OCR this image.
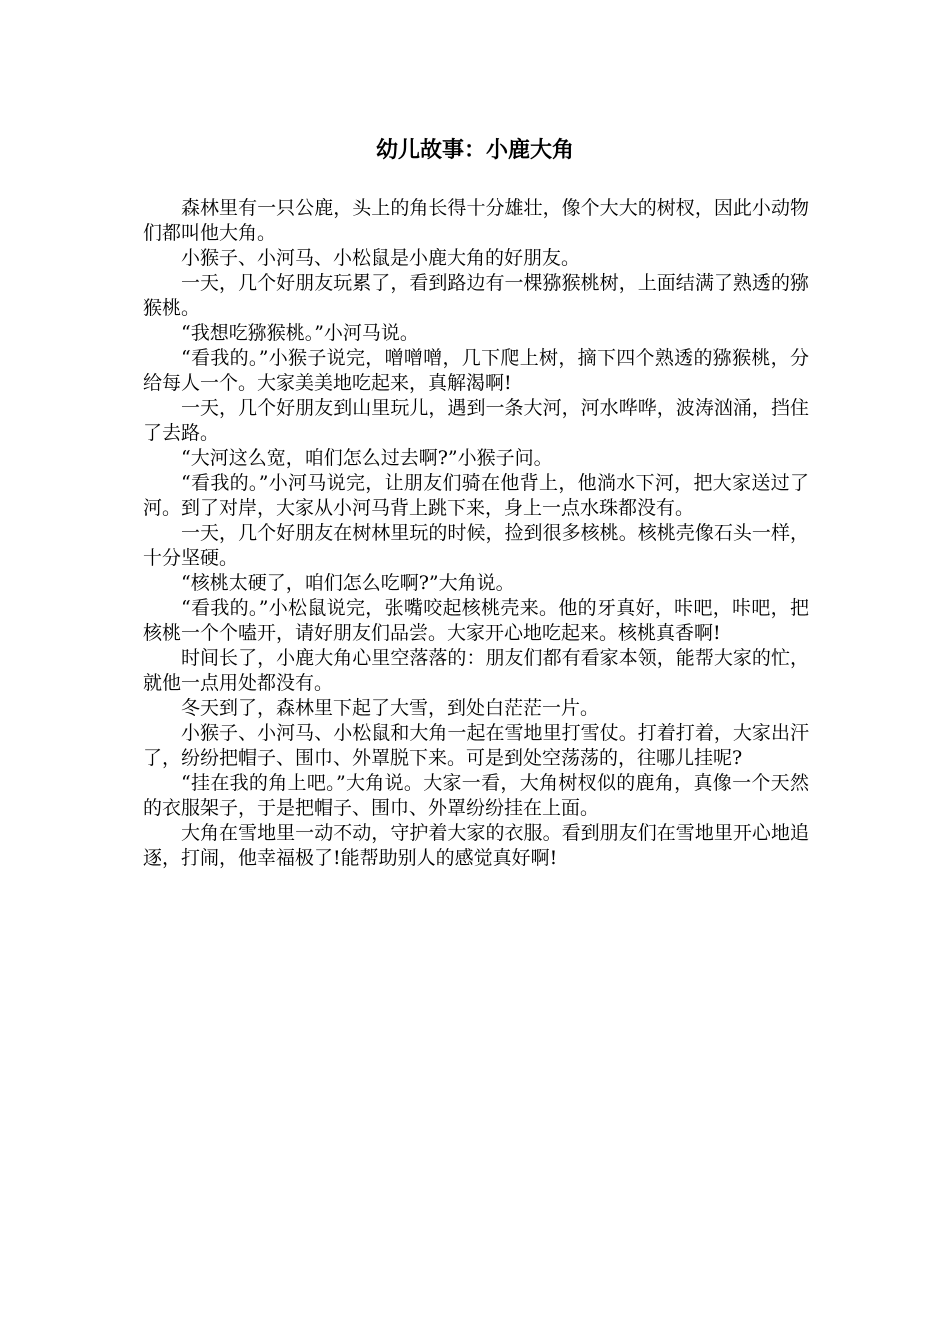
幼儿故事：小鹿大角

森林里有一只公鹿，头上的角长得十分雄壮，像个大大的树杈，因此小动物们都叫他大角。

小猴子、小河马、小松鼠是小鹿大角的好朋友。

一天，几个好朋友玩累了，看到路边有一棵猕猴桃树，上面结满了熟透的猕猴桃。

“我想吃猕猴桃。”小河马说。

“看我的。”小猴子说完，噌噌噌，几下爬上树，摘下四个熟透的猕猴桃，分给每人一个。大家美美地吃起来，真解渴啊!

一天，几个好朋友到山里玩儿，遇到一条大河，河水哗哗，波涛汹涌，挡住了去路。

“大河这么宽，咱们怎么过去啊?”小猴子问。

“看我的。”小河马说完，让朋友们骑在他背上，他淌水下河，把大家送过了河。到了对岸，大家从小河马背上跳下来，身上一点水珠都没有。

一天，几个好朋友在树林里玩的时候，捡到很多核桃。核桃壳像石头一样，十分坚硬。

“核桃太硬了，咱们怎么吃啊?”大角说。

“看我的。”小松鼠说完，张嘴咬起核桃壳来。他的牙真好，咔吧，咔吧，把核桃一个个嗑开，请好朋友们品尝。大家开心地吃起来。核桃真香啊!

时间长了，小鹿大角心里空落落的：朋友们都有看家本领，能帮大家的忙，就他一点用处都没有。

冬天到了，森林里下起了大雪，到处白茫茫一片。

小猴子、小河马、小松鼠和大角一起在雪地里打雪仗。打着打着，大家出汗了，纷纷把帽子、围巾、外罩脱下来。可是到处空荡荡的，往哪儿挂呢?

“挂在我的角上吧。”大角说。大家一看，大角树杈似的鹿角，真像一个天然的衣服架子，于是把帽子、围巾、外罩纷纷挂在上面。

大角在雪地里一动不动，守护着大家的衣服。看到朋友们在雪地里开心地追逐，打闹，他幸福极了!能帮助别人的感觉真好啊!
